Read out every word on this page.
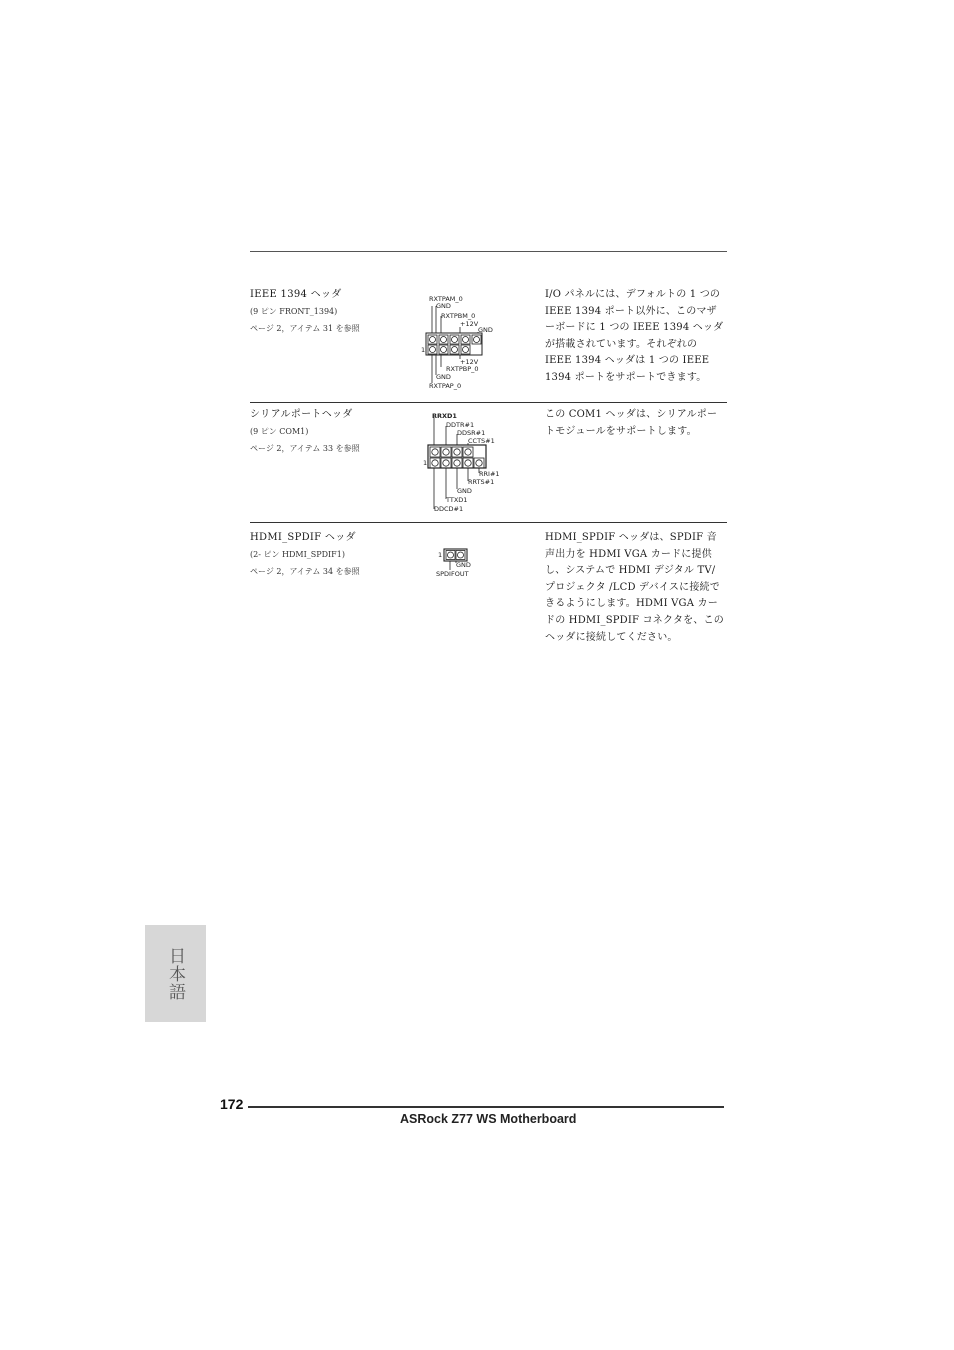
IEEE 1394 ヘッダ
(9 ピン FRONT_1394)
ページ 2，アイテム 31 を参照
RXTPAM_0
GND
RXTPBM_0
+12V
GND
1
+12V
RXTPBP_0
GND
RXTPAP_0
I/O パネルには、デフォルトの 1 つの IEEE 1394 ポート以外に、このマザーボードに 1 つの IEEE 1394 ヘッダが搭載されています。それぞれの IEEE 1394 ヘッダは 1 つの IEEE 1394 ポートをサポートできます。
シリアルポートヘッダ
(9 ピン COM1)
ページ 2，アイテム 33 を参照
RRXD1
DDTR#1
DDSR#1
CCTS#1
1
RRI#1
RRTS#1
GND
TTXD1
DDCD#1
この COM1 ヘッダは、シリアルポートモジュールをサポートします。
HDMI_SPDIF ヘッダ
(2- ピン HDMI_SPDIF1)
ページ 2，アイテム 34 を参照
1
GND
SPDIFOUT
HDMI_SPDIF ヘッダは、SPDIF 音声出力を HDMI VGA カードに提供し、システムで HDMI デジタル TV/ プロジェクタ /LCD デバイスに接続できるようにします。HDMI VGA カードの HDMI_SPDIF コネクタを、このヘッダに接続してください。
日本語
172
ASRock Z77 WS Motherboard
